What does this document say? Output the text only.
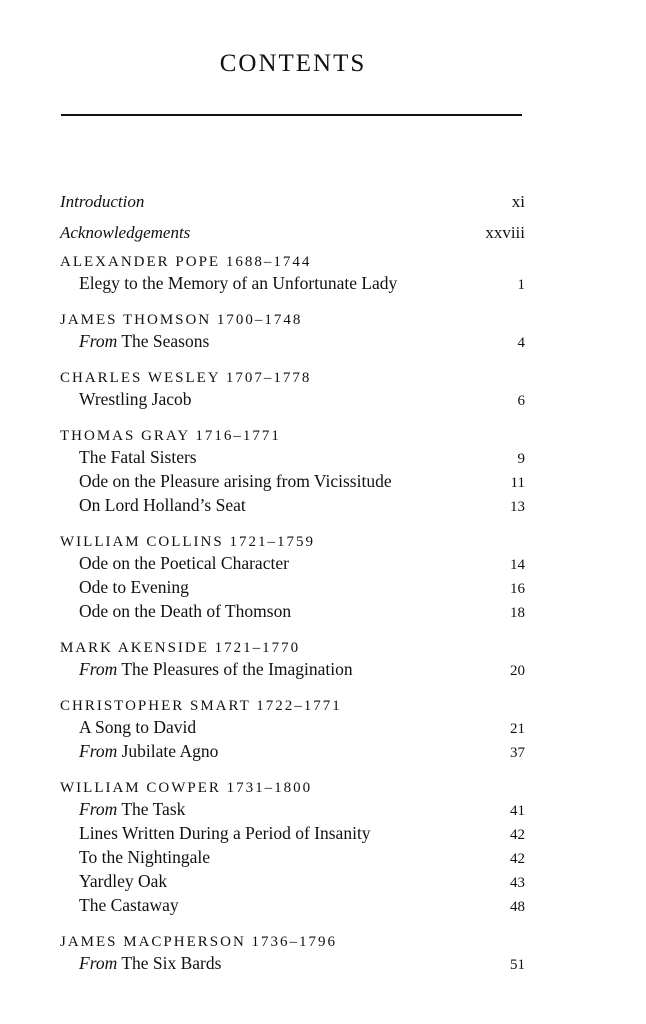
CONTENTS
Introduction	xi
Acknowledgements	xxviii
ALEXANDER POPE 1688–1744
Elegy to the Memory of an Unfortunate Lady	1
JAMES THOMSON 1700–1748
From The Seasons	4
CHARLES WESLEY 1707–1778
Wrestling Jacob	6
THOMAS GRAY 1716–1771
The Fatal Sisters	9
Ode on the Pleasure arising from Vicissitude	11
On Lord Holland’s Seat	13
WILLIAM COLLINS 1721–1759
Ode on the Poetical Character	14
Ode to Evening	16
Ode on the Death of Thomson	18
MARK AKENSIDE 1721–1770
From The Pleasures of the Imagination	20
CHRISTOPHER SMART 1722–1771
A Song to David	21
From Jubilate Agno	37
WILLIAM COWPER 1731–1800
From The Task	41
Lines Written During a Period of Insanity	42
To the Nightingale	42
Yardley Oak	43
The Castaway	48
JAMES MACPHERSON 1736–1796
From The Six Bards	51
